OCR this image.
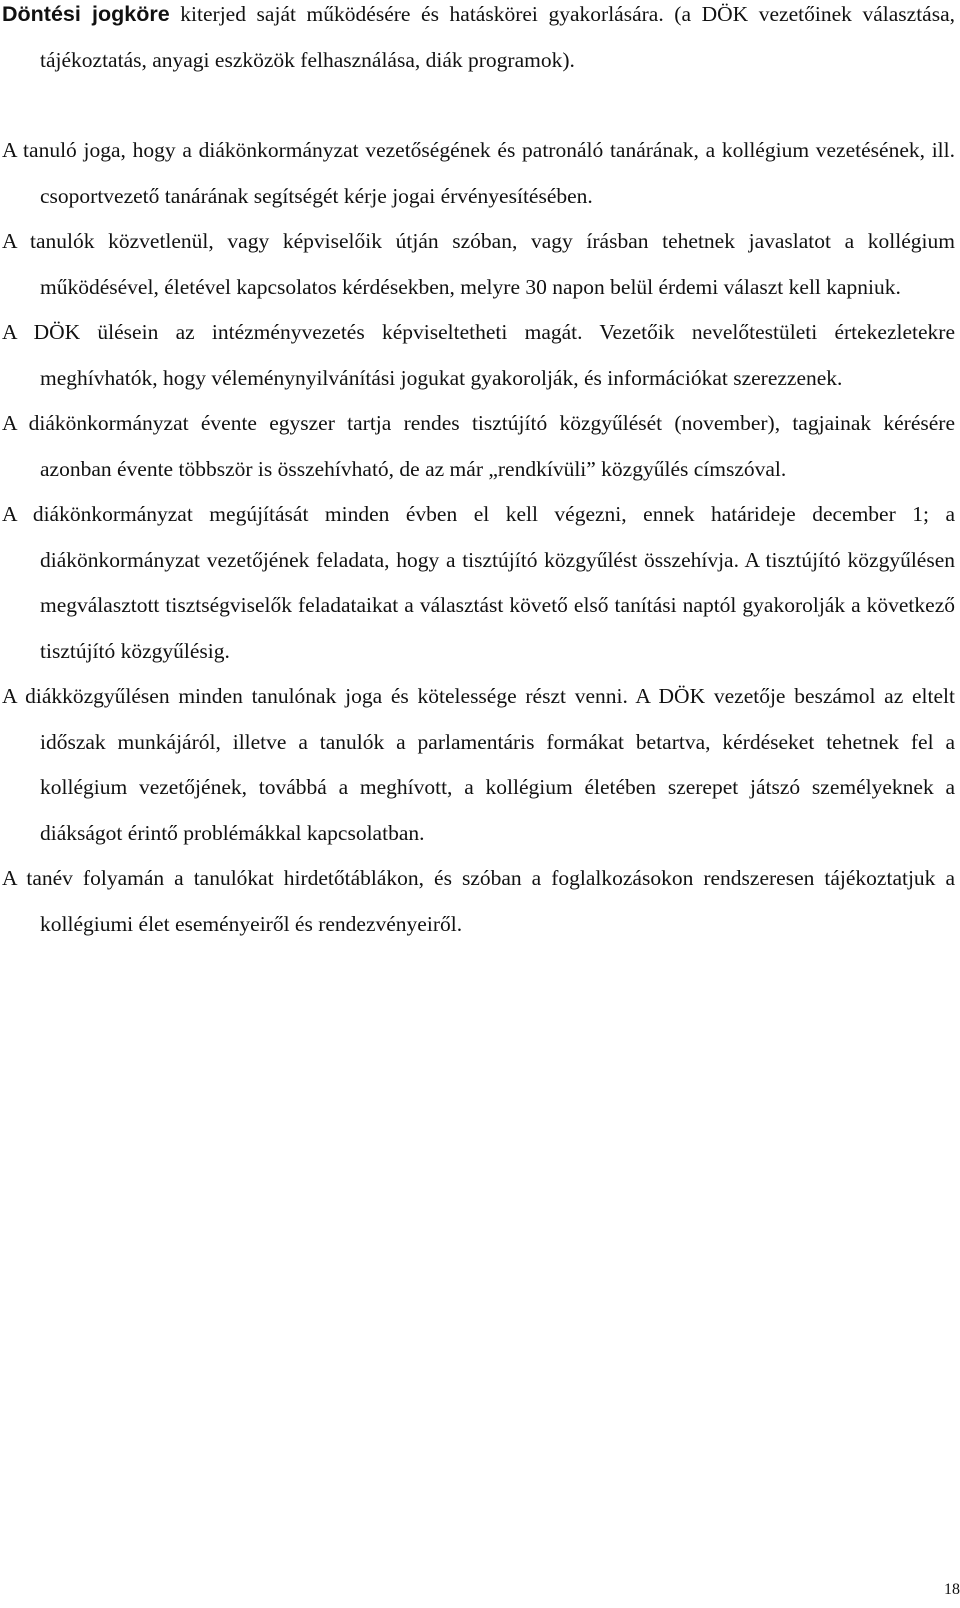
Döntési jogköre kiterjed saját működésére és hatáskörei gyakorlására. (a DÖK vezetőinek választása, tájékoztatás, anyagi eszközök felhasználása, diák programok).

A tanuló joga, hogy a diákönkormányzat vezetőségének és patronáló tanárának, a kollégium vezetésének, ill. csoportvezető tanárának segítségét kérje jogai érvényesítésében.

A tanulók közvetlenül, vagy képviselőik útján szóban, vagy írásban tehetnek javaslatot a kollégium működésével, életével kapcsolatos kérdésekben, melyre 30 napon belül érdemi választ kell kapniuk.

A DÖK ülésein az intézményvezetés képviseltetheti magát. Vezetőik nevelőtestületi értekezletekre meghívhatók, hogy véleménynyilvánítási jogukat gyakorolják, és információkat szerezzenek.

A diákönkormányzat évente egyszer tartja rendes tisztújító közgyűlését (november), tagjainak kérésére azonban évente többször is összehívható, de az már „rendkívüli” közgyűlés címszóval.

A diákönkormányzat megújítását minden évben el kell végezni, ennek határideje december 1; a diákönkormányzat vezetőjének feladata, hogy a tisztújító közgyűlést összehívja. A tisztújító közgyűlésen megválasztott tisztségviselők feladataikat a választást követő első tanítási naptól gyakorolják a következő tisztújító közgyűlésig.

A diákközgyűlésen minden tanulónak joga és kötelessége részt venni. A DÖK vezetője beszámol az eltelt időszak munkájáról, illetve a tanulók a parlamentáris formákat betartva, kérdéseket tehetnek fel a kollégium vezetőjének, továbbá a meghívott, a kollégium életében szerepet játszó személyeknek a diákságot érintő problémákkal kapcsolatban.

A tanév folyamán a tanulókat hirdetőtáblákon, és szóban a foglalkozásokon rendszeresen tájékoztatjuk a kollégiumi élet eseményeiről és rendezvényeiről.

18
